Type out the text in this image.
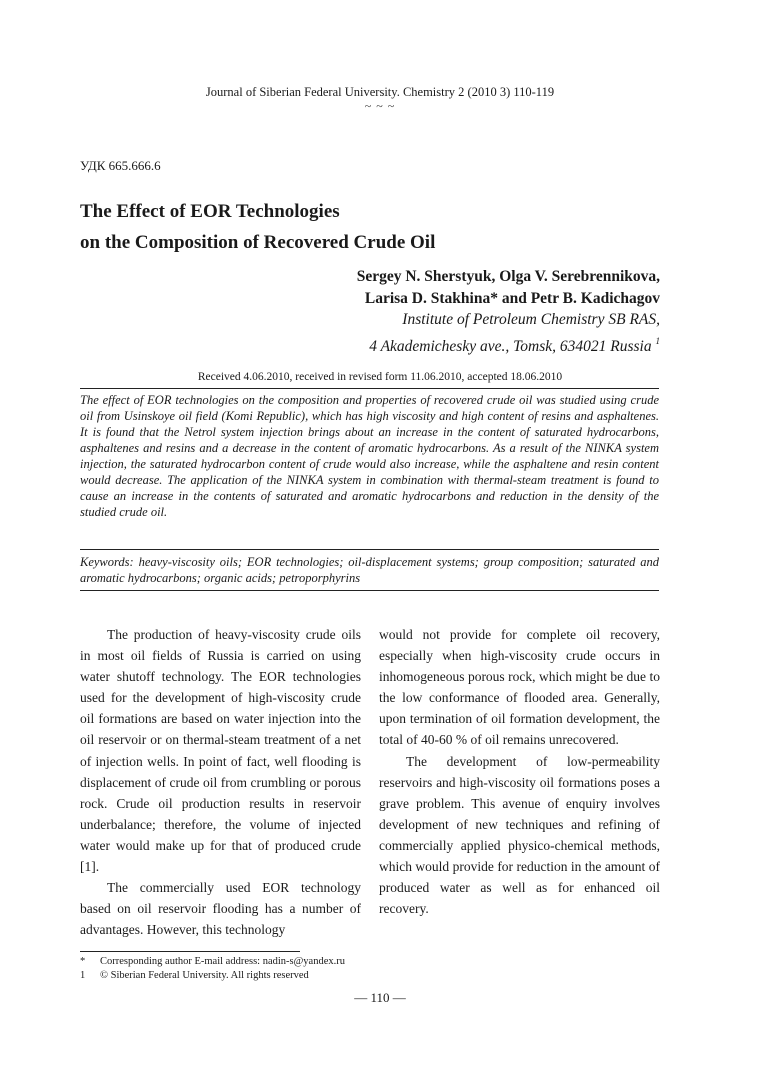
Journal of Siberian Federal University. Chemistry 2 (2010 3) 110-119
~ ~ ~
УДК 665.666.6
The Effect of EOR Technologies
on the Composition of Recovered Crude Oil
Sergey N. Sherstyuk, Olga V. Serebrennikova,
Larisa D. Stakhina* and Petr B. Kadichagov
Institute of Petroleum Chemistry SB RAS,
4 Akademichesky ave., Tomsk, 634021 Russia $^1$
Received 4.06.2010, received in revised form 11.06.2010, accepted 18.06.2010
The effect of EOR technologies on the composition and properties of recovered crude oil was studied using crude oil from Usinskoye oil field (Komi Republic), which has high viscosity and high content of resins and asphaltenes. It is found that the Netrol system injection brings about an increase in the content of saturated hydrocarbons, asphaltenes and resins and a decrease in the content of aromatic hydrocarbons. As a result of the NINKA system injection, the saturated hydrocarbon content of crude would also increase, while the asphaltene and resin content would decrease. The application of the NINKA system in combination with thermal-steam treatment is found to cause an increase in the contents of saturated and aromatic hydrocarbons and reduction in the density of the studied crude oil.
Keywords: heavy-viscosity oils; EOR technologies; oil-displacement systems; group composition; saturated and aromatic hydrocarbons; organic acids; petroporphyrins

The production of heavy-viscosity crude oils in most oil fields of Russia is carried on using water shutoff technology. The EOR technologies used for the development of high-viscosity crude oil formations are based on water injection into the oil reservoir or on thermal-steam treatment of a net of injection wells. In point of fact, well flooding is displacement of crude oil from crumbling or porous rock. Crude oil production results in reservoir underbalance; therefore, the volume of injected water would make up for that of produced crude [1].

The commercially used EOR technology based on oil reservoir flooding has a number of advantages. However, this technology

would not provide for complete oil recovery, especially when high-viscosity crude occurs in inhomogeneous porous rock, which might be due to the low conformance of flooded area. Generally, upon termination of oil formation development, the total of 40-60 % of oil remains unrecovered.

The development of low-permeability reservoirs and high-viscosity oil formations poses a grave problem. This avenue of enquiry involves development of new techniques and refining of commercially applied physico-chemical methods, which would provide for reduction in the amount of produced water as well as for enhanced oil recovery.

* Corresponding author E-mail address: nadin-s@yandex.ru
1 © Siberian Federal University. All rights reserved
— 110 —
